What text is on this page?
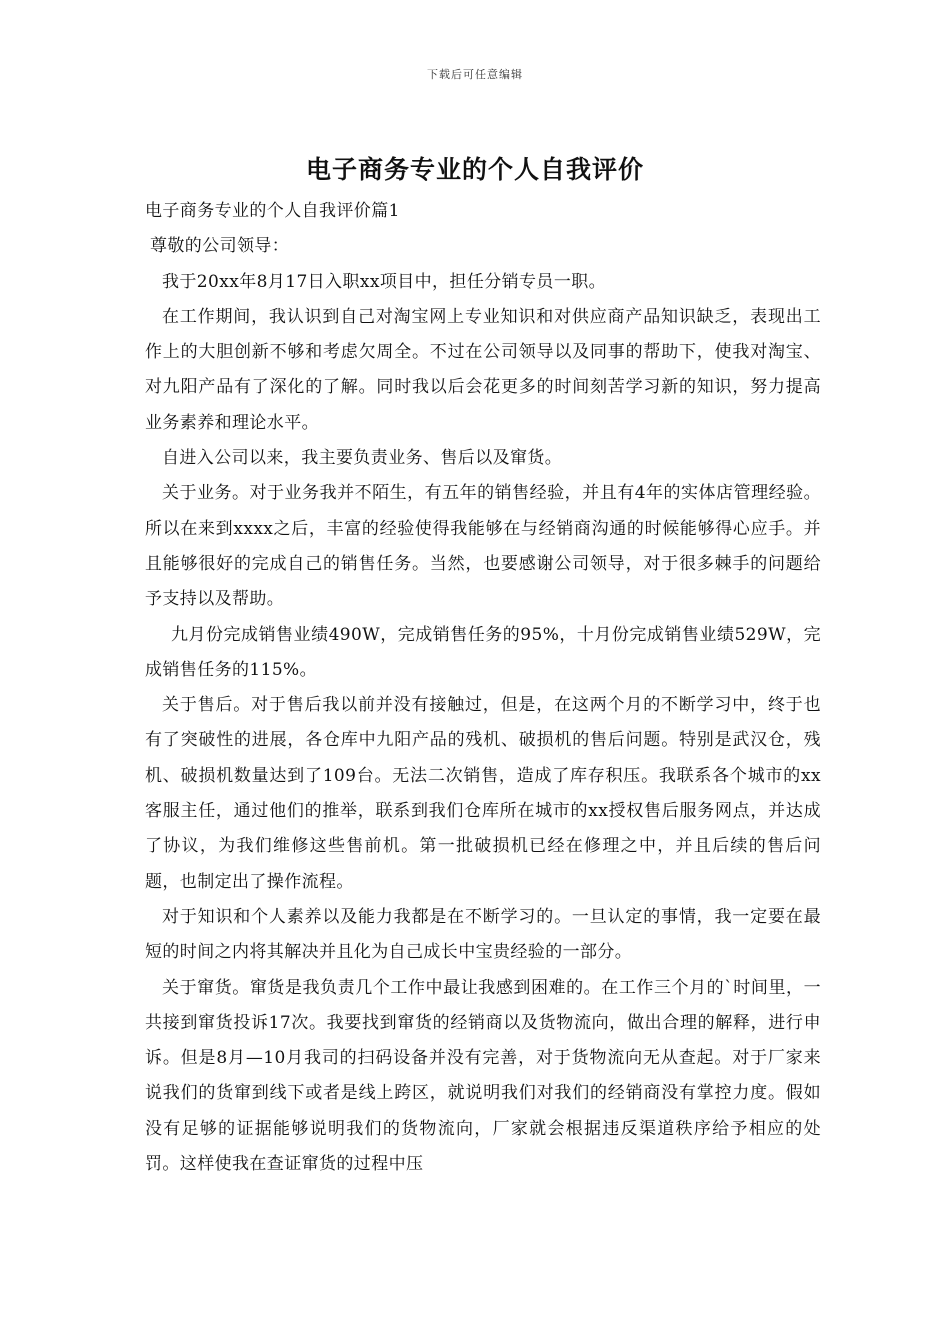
下载后可任意编辑
电子商务专业的个人自我评价

电子商务专业的个人自我评价篇1

尊敬的公司领导：

我于20xx年8月17日入职xx项目中，担任分销专员一职。

在工作期间，我认识到自己对淘宝网上专业知识和对供应商产品知识缺乏，表现出工作上的大胆创新不够和考虑欠周全。不过在公司领导以及同事的帮助下，使我对淘宝、对九阳产品有了深化的了解。同时我以后会花更多的时间刻苦学习新的知识，努力提高业务素养和理论水平。

自进入公司以来，我主要负责业务、售后以及窜货。

关于业务。对于业务我并不陌生，有五年的销售经验，并且有4年的实体店管理经验。所以在来到xxxx之后，丰富的经验使得我能够在与经销商沟通的时候能够得心应手。并且能够很好的完成自己的销售任务。当然，也要感谢公司领导，对于很多棘手的问题给予支持以及帮助。

九月份完成销售业绩490W，完成销售任务的95%，十月份完成销售业绩529W，完成销售任务的115%。

关于售后。对于售后我以前并没有接触过，但是，在这两个月的不断学习中，终于也有了突破性的进展，各仓库中九阳产品的残机、破损机的售后问题。特别是武汉仓，残机、破损机数量达到了109台。无法二次销售，造成了库存积压。我联系各个城市的xx客服主任，通过他们的推举，联系到我们仓库所在城市的xx授权售后服务网点，并达成了协议，为我们维修这些售前机。第一批破损机已经在修理之中，并且后续的售后问题，也制定出了操作流程。

对于知识和个人素养以及能力我都是在不断学习的。一旦认定的事情，我一定要在最短的时间之内将其解决并且化为自己成长中宝贵经验的一部分。

关于窜货。窜货是我负责几个工作中最让我感到困难的。在工作三个月的`时间里，一共接到窜货投诉17次。我要找到窜货的经销商以及货物流向，做出合理的解释，进行申诉。但是8月—10月我司的扫码设备并没有完善，对于货物流向无从查起。对于厂家来说我们的货窜到线下或者是线上跨区，就说明我们对我们的经销商没有掌控力度。假如没有足够的证据能够说明我们的货物流向，厂家就会根据违反渠道秩序给予相应的处罚。这样使我在查证窜货的过程中压
